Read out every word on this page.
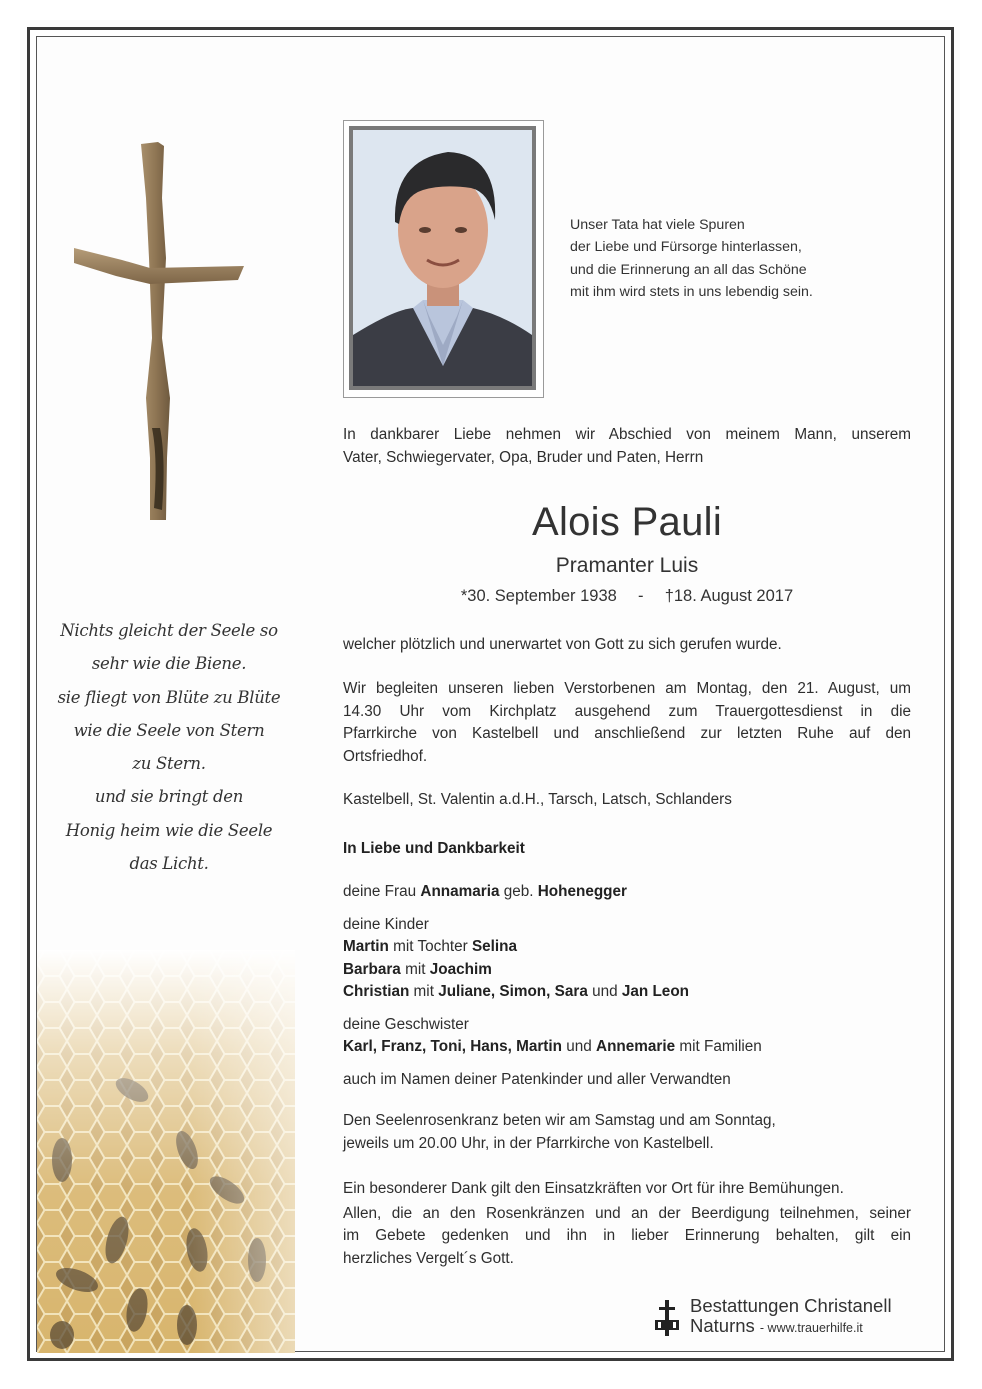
Nichts gleicht der Seele so
sehr wie die Biene.
sie fliegt von Blüte zu Blüte
wie die Seele von Stern
zu Stern.
und sie bringt den
Honig heim wie die Seele
das Licht.
Unser Tata hat viele Spuren
der Liebe und Fürsorge hinterlassen,
und die Erinnerung an all das Schöne
mit ihm wird stets in uns lebendig sein.
In dankbarer Liebe nehmen wir Abschied von meinem Mann, unserem
Vater, Schwiegervater, Opa, Bruder und Paten, Herrn
Alois Pauli
Pramanter Luis
*30. September 1938 - †18. August 2017
welcher plötzlich und unerwartet von Gott zu sich gerufen wurde.
Wir begleiten unseren lieben Verstorbenen am Montag, den 21. August, um
14.30 Uhr vom Kirchplatz ausgehend zum Trauergottesdienst in die
Pfarrkirche von Kastelbell und anschließend zur letzten Ruhe auf den
Ortsfriedhof.
Kastelbell, St. Valentin a.d.H., Tarsch, Latsch, Schlanders
In Liebe und Dankbarkeit
deine Frau Annamaria geb. Hohenegger
deine Kinder
Martin mit Tochter Selina
Barbara mit Joachim
Christian mit Juliane, Simon, Sara und Jan Leon
deine Geschwister
Karl, Franz, Toni, Hans, Martin und Annemarie mit Familien
auch im Namen deiner Patenkinder und aller Verwandten
Den Seelenrosenkranz beten wir am Samstag und am Sonntag,
jeweils um 20.00 Uhr, in der Pfarrkirche von Kastelbell.
Ein besonderer Dank gilt den Einsatzkräften vor Ort für ihre Bemühungen.
Allen, die an den Rosenkränzen und an der Beerdigung teilnehmen, seiner
im Gebete gedenken und ihn in lieber Erinnerung behalten, gilt ein
herzliches Vergelt´s Gott.
Bestattungen Christanell
Naturns - www.trauerhilfe.it
